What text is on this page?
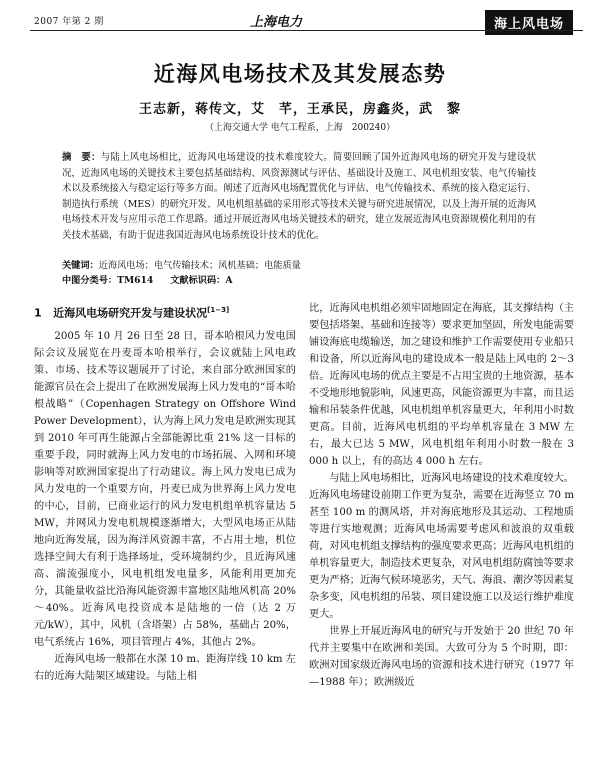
2007 年第 2 期	上海电力	海上风电场
近海风电场技术及其发展态势
王志新，蒋传文，艾　芊，王承民，房鑫炎，武　黎
（上海交通大学 电气工程系，上海　200240）
摘　要：与陆上风电场相比，近海风电场建设的技术难度较大。简要回顾了国外近海风电场的研究开发与建设状况，近海风电场的关键技术主要包括基础结构、风资源测试与评估、基础设计及施工、风电机组安装、电气传输技术以及系统接入与稳定运行等多方面。阐述了近海风电场配置优化与评估、电气传输技术、系统的接入稳定运行、制造执行系统（MES）的研究开发、风电机组基础的采用形式等技术关键与研究进展情况，以及上海开展的近海风电场技术开发与应用示范工作思路。通过开展近海风电场关键技术的研究，建立发展近海风电资源规模化利用的有关技术基础，有助于促进我国近海风电场系统设计技术的优化。
关键词：近海风电场；电气传输技术；风机基础；电能质量
中图分类号：TM614 文献标识码：A
1 近海风电场研究开发与建设状况[1~3]

2005 年 10 月 26 日至 28 日，哥本哈根风力发电国际会议及展览在丹麦哥本哈根举行，会议就陆上风电政策、市场、技术等议题展开了讨论，来自部分欧洲国家的能源官员在会上提出了在欧洲发展海上风力发电的“哥本哈根战略”（Copenhagen Strategy on Offshore Wind Power Development），认为海上风力发电是欧洲实现其到 2010 年可再生能源占全部能源比重 21% 这一目标的重要手段，同时就海上风力发电的市场拓展、入网和环境影响等对欧洲国家提出了行动建议。海上风力发电已成为风力发电的一个重要方向，丹麦已成为世界海上风力发电的中心，目前，已商业运行的风力发电机组单机容量达 5 MW，并网风力发电机规模逐渐增大，大型风电场正从陆地向近海发展，因为海洋风资源丰富，不占用土地，机位选择空间大有利于选择场址，受环境制约少，且近海风速高、湍流强度小，风电机组发电量多，风能利用更加充分，其能量收益比沿海风能资源丰富地区陆地风机高 20%～40%。近海风电投资成本是陆地的一倍（达 2 万元/kW），其中，风机（含塔架）占 58%，基础占 20%，电气系统占 16%，项目管理占 4%，其他占 2%。

近海风电场一般都在水深 10 m、距海岸线 10 km 左右的近海大陆架区域建设。与陆上相

比，近海风电机组必须牢固地固定在海底，其支撑结构（主要包括塔架、基础和连接等）要求更加坚固，所发电能需要铺设海底电缆输送，加之建设和维护工作需要使用专业船只和设备，所以近海风电的建设成本一般是陆上风电的 2～3 倍。近海风电场的优点主要是不占用宝贵的土地资源，基本不受地形地貌影响，风速更高，风能资源更为丰富，而且运输和吊装条件优越，风电机组单机容量更大，年利用小时数更高。目前，近海风电机组的平均单机容量在 3 MW 左右，最大已达 5 MW，风电机组年利用小时数一般在 3 000 h 以上，有的高达 4 000 h 左右。

与陆上风电场相比，近海风电场建设的技术难度较大。近海风电场建设前期工作更为复杂，需要在近海竖立 70 m 甚至 100 m 的测风塔，并对海底地形及其运动、工程地质等进行实地观测；近海风电场需要考虑风和波浪的双重载荷，对风电机组支撑结构的强度要求更高；近海风电机组的单机容量更大，制造技术更复杂，对风电机组防腐蚀等要求更为严格；近海气候环境恶劣，天气、海浪、潮汐等因素复杂多变，风电机组的吊装、项目建设施工以及运行维护难度更大。

世界上开展近海风电的研究与开发始于 20 世纪 70 年代并主要集中在欧洲和美国。大致可分为 5 个时期，即：欧洲对国家级近海风电场的资源和技术进行研究（1977 年—1988 年）；欧洲级近
